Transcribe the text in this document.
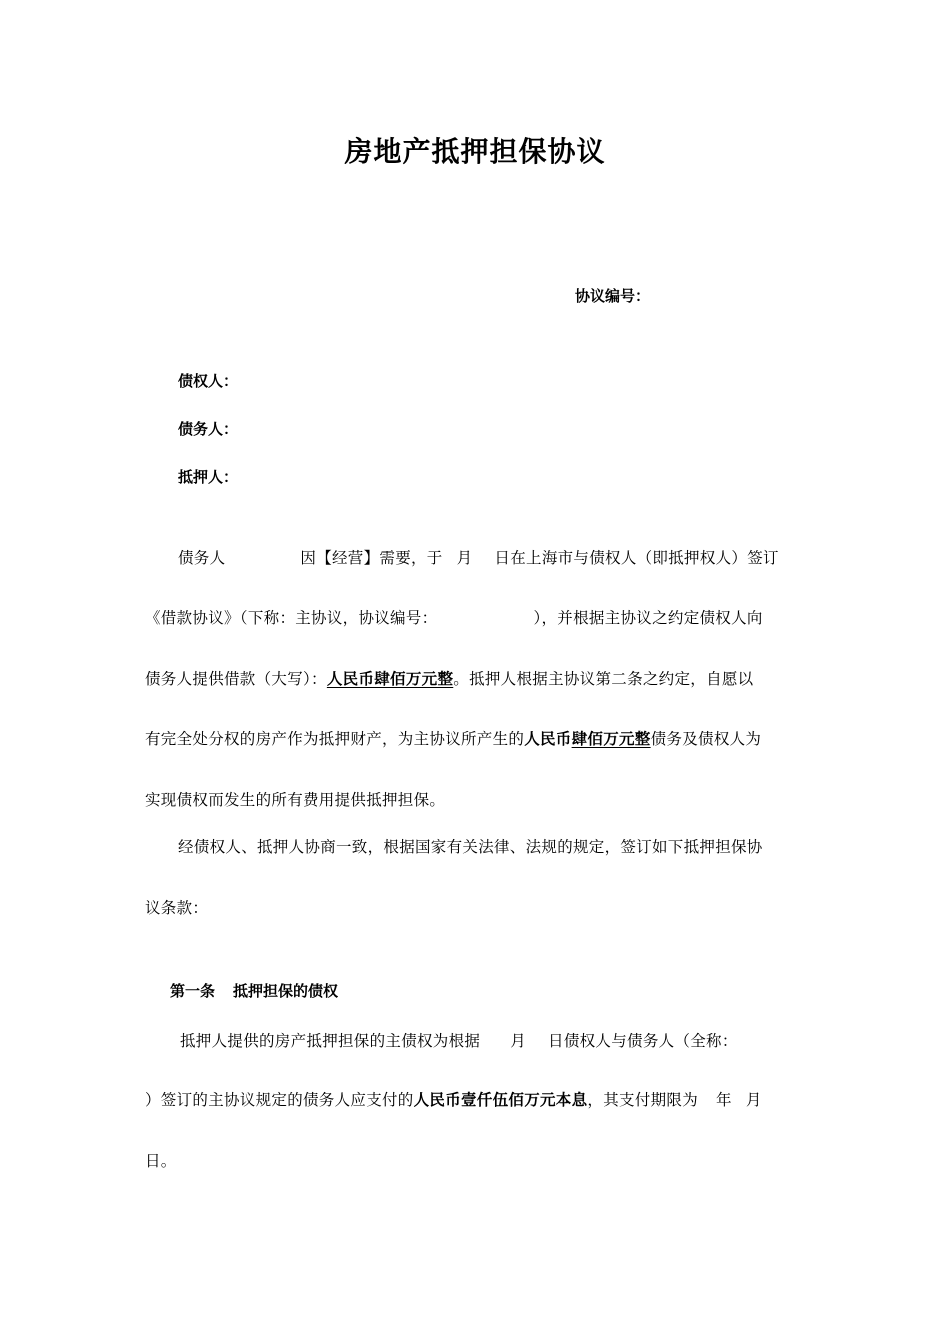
房地产抵押担保协议
协议编号：
债权人：
债务人：
抵押人：
债务人	因【经营】需要，于 月 日在上海市与债权人（即抵押权人）签订
《借款协议》（下称：主协议，协议编号：	），并根据主协议之约定债权人向
债务人提供借款（大写）：人民币肆佰万元整。抵押人根据主协议第二条之约定，自愿以
有完全处分权的房产作为抵押财产，为主协议所产生的人民币肆佰万元整债务及债权人为
实现债权而发生的所有费用提供抵押担保。
经债权人、抵押人协商一致，根据国家有关法律、法规的规定，签订如下抵押担保协
议条款：
第一条 抵押担保的债权
抵押人提供的房产抵押担保的主债权为根据 月 日债权人与债务人（全称：
）签订的主协议规定的债务人应支付的人民币壹仟伍佰万元本息，其支付期限为 年 月
日。
